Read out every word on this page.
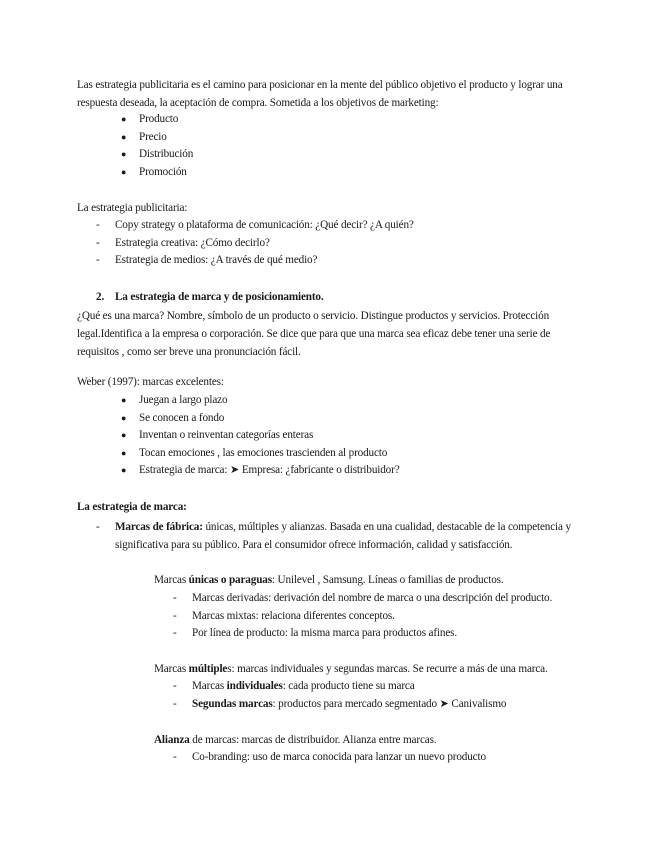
Las estrategia publicitaria es el camino para posicionar en la mente del público objetivo el producto y lograr una
respuesta deseada, la aceptación de compra. Sometida a los objetivos de marketing:
● Producto
● Precio
● Distribución
● Promoción
La estrategia publicitaria:
- Copy strategy o plataforma de comunicación: ¿Qué decir? ¿A quién?
- Estrategia creativa: ¿Cómo decirlo?
- Estrategia de medios: ¿A través de qué medio?
2. La estrategia de marca y de posicionamiento.
¿Qué es una marca? Nombre, símbolo de un producto o servicio. Distingue productos y servicios. Protección
legal.Identifica a la empresa o corporación. Se dice que para que una marca sea eficaz debe tener una serie de
requisitos , como ser breve una pronunciación fácil.
Weber (1997): marcas excelentes:
● Juegan a largo plazo
● Se conocen a fondo
● Inventan o reinventan categorías enteras
● Tocan emociones , las emociones trascienden al producto
● Estrategia de marca: ➤ Empresa: ¿fabricante o distribuidor?
La estrategia de marca:
- Marcas de fábrica: únicas, múltiples y alianzas. Basada en una cualidad, destacable de la competencia y
significativa para su público. Para el consumidor ofrece información, calidad y satisfacción.
Marcas únicas o paraguas: Unilevel , Samsung. Líneas o familias de productos.
- Marcas derivadas: derivación del nombre de marca o una descripción del producto.
- Marcas mixtas: relaciona diferentes conceptos.
- Por línea de producto: la misma marca para productos afines.
Marcas múltiples: marcas individuales y segundas marcas. Se recurre a más de una marca.
- Marcas individuales: cada producto tiene su marca
- Segundas marcas: productos para mercado segmentado ➤ Canivalismo
Alianza de marcas: marcas de distribuidor. Alianza entre marcas.
- Co-branding: uso de marca conocida para lanzar un nuevo producto
